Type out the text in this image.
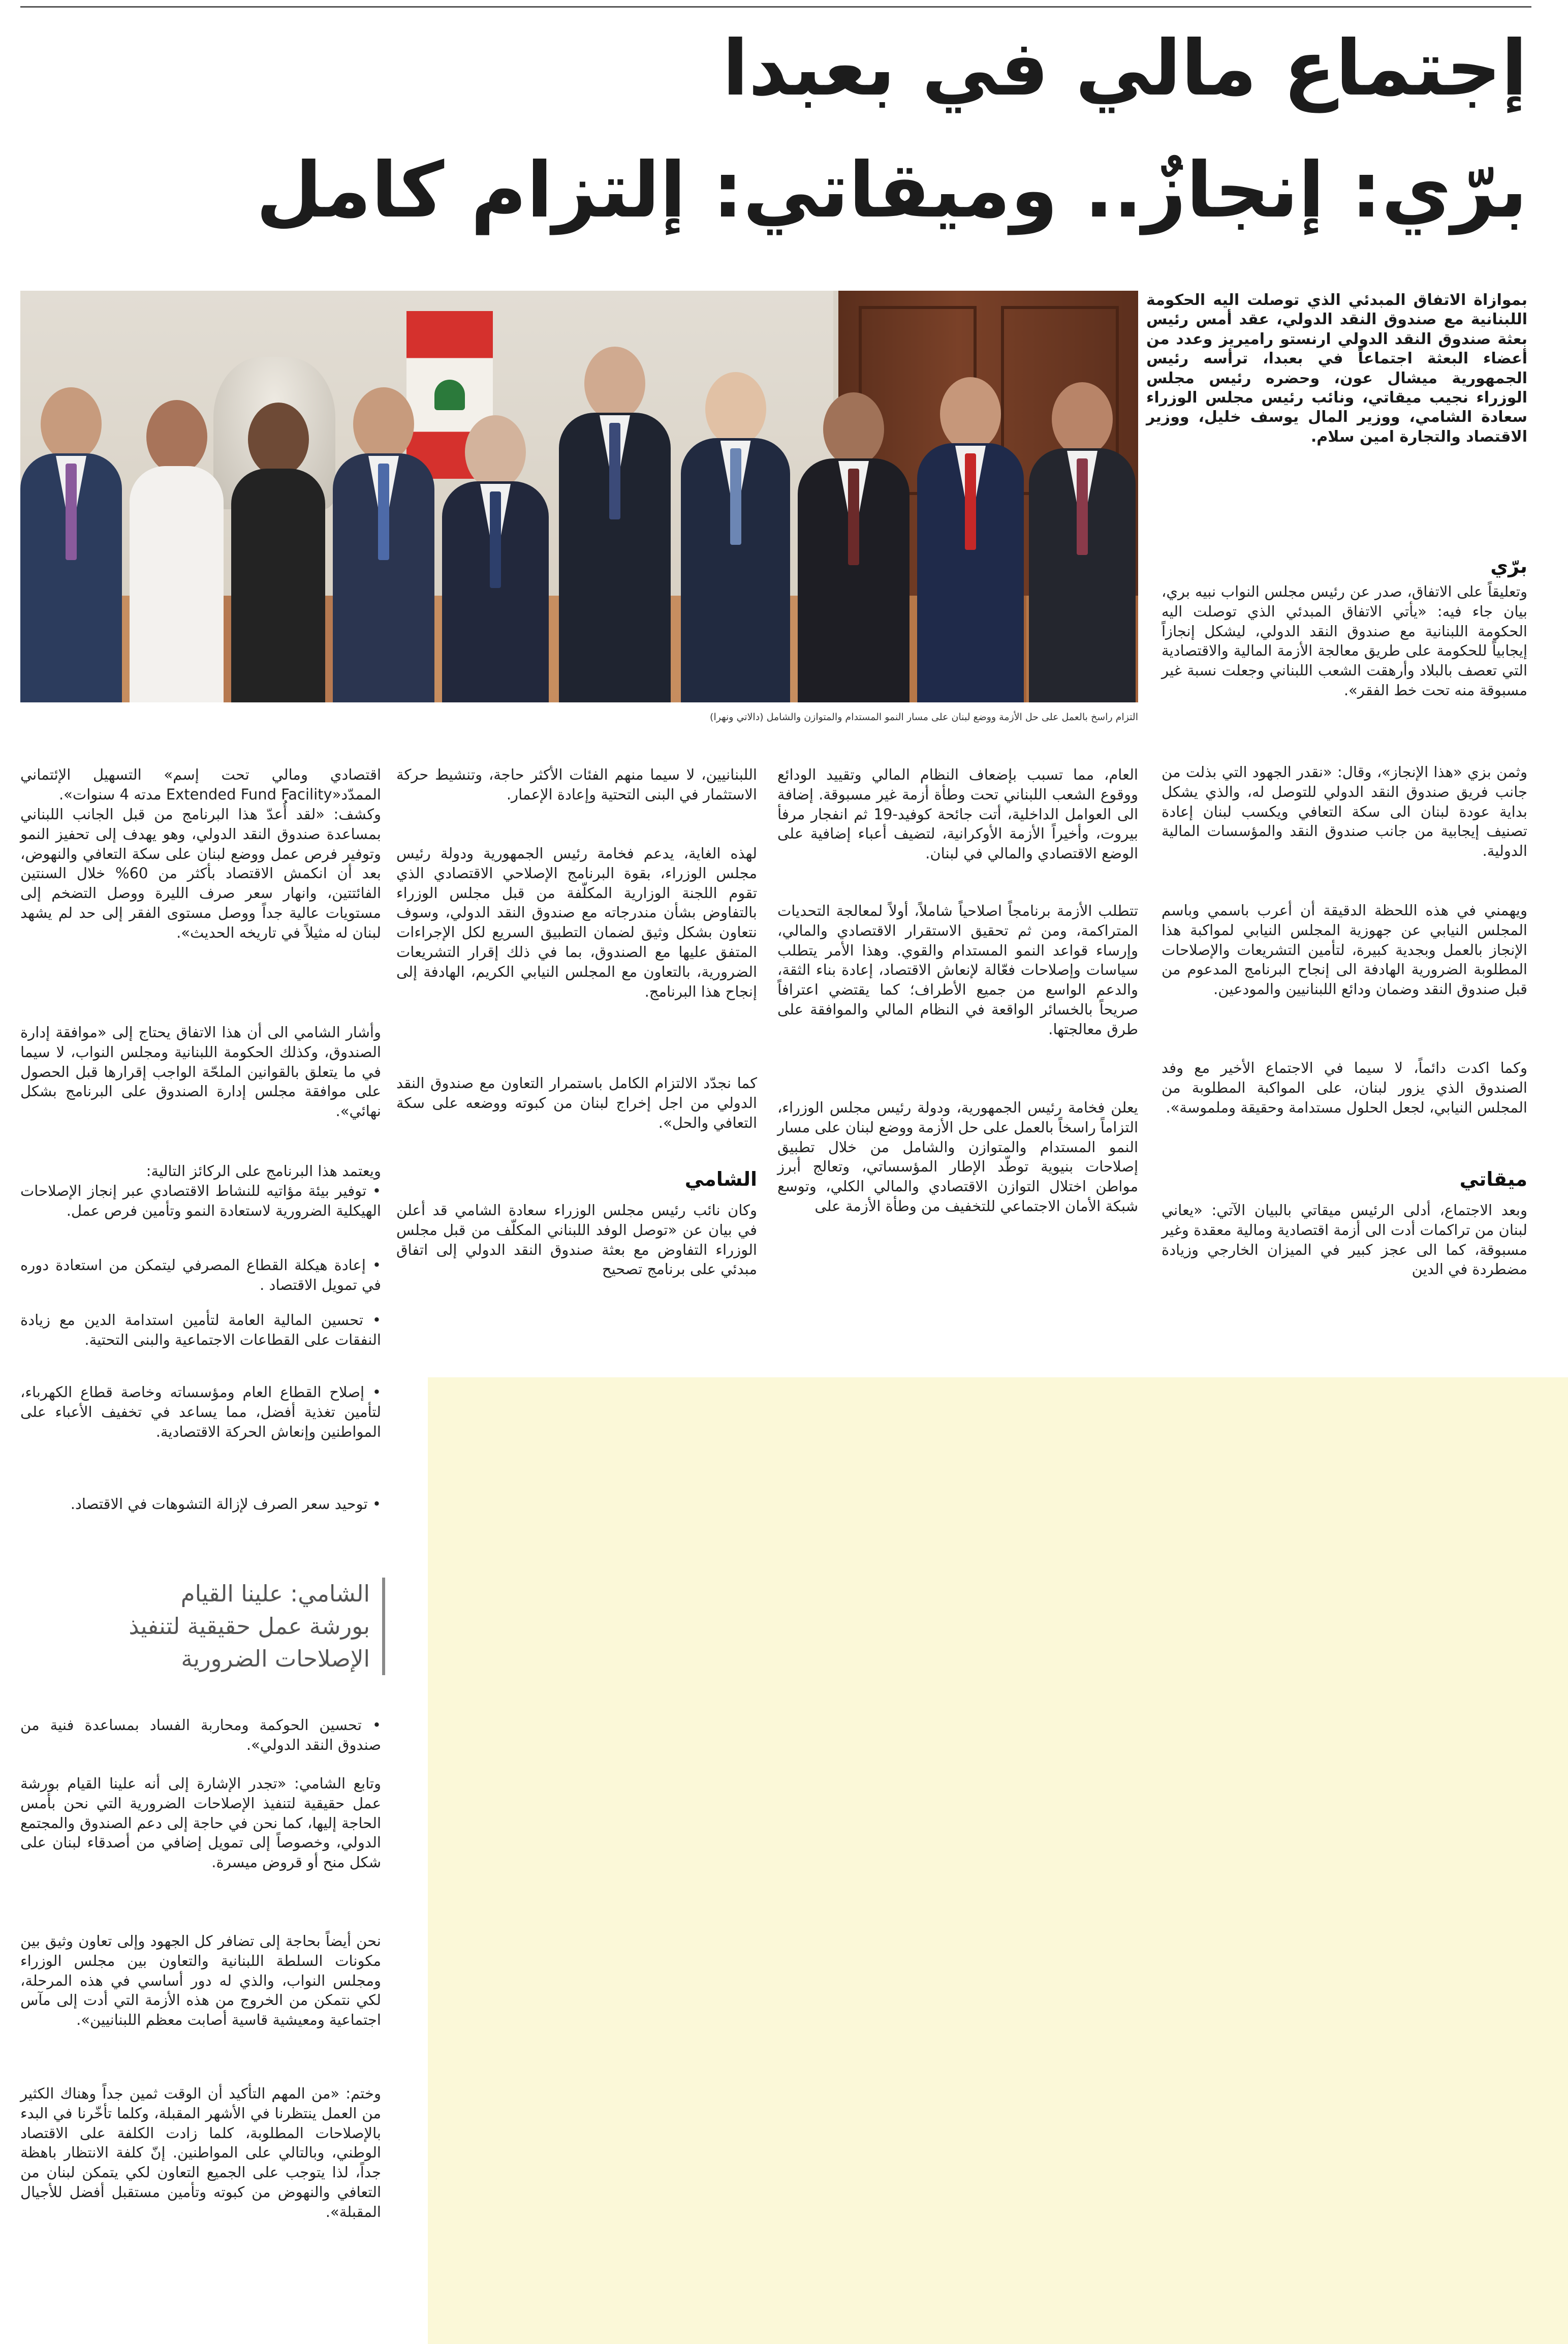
إجتماع مالي في بعبدا
برّي: إنجازٌ.. وميقاتي: إلتزام كامل

التزام راسخ بالعمل على حل الأزمة ووضع لبنان على مسار النمو المستدام والمتوازن والشامل (دالاتي ونهرا)

بموازاة الاتفاق المبدئي الذي توصلت اليه الحكومة اللبنانية مع صندوق النقد الدولي، عقد أمس رئيس بعثة صندوق النقد الدولي ارنستو راميريز وعدد من أعضاء البعثة اجتماعاً في بعبدا، ترأسه رئيس الجمهورية ميشال عون، وحضره رئيس مجلس الوزراء نجيب ميقاتي، ونائب رئيس مجلس الوزراء سعادة الشامي، ووزير المال يوسف خليل، ووزير الاقتصاد والتجارة امين سلام.

برّي

وتعليقاً على الاتفاق، صدر عن رئيس مجلس النواب نبيه بري، بيان جاء فيه: «يأتي الاتفاق المبدئي الذي توصلت اليه الحكومة اللبنانية مع صندوق النقد الدولي، ليشكل إنجازاً إيجابياً للحكومة على طريق معالجة الأزمة المالية والاقتصادية التي تعصف بالبلاد وأرهقت الشعب اللبناني وجعلت نسبة غير مسبوقة منه تحت خط الفقر».

وثمن بزي «هذا الإنجاز»، وقال: «نقدر الجهود التي بذلت من جانب فريق صندوق النقد الدولي للتوصل له، والذي يشكل بداية عودة لبنان الى سكة التعافي ويكسب لبنان إعادة تصنيف إيجابية من جانب صندوق النقد والمؤسسات المالية الدولية.

ويهمني في هذه اللحظة الدقيقة أن أعرب باسمي وباسم المجلس النيابي عن جهوزية المجلس النيابي لمواكبة هذا الإنجاز بالعمل وبجدية كبيرة، لتأمين التشريعات والإصلاحات المطلوبة الضرورية الهادفة الى إنجاح البرنامج المدعوم من قبل صندوق النقد وضمان ودائع اللبنانيين والمودعين.

وكما اكدت دائماً، لا سيما في الاجتماع الأخير مع وفد الصندوق الذي يزور لبنان، على المواكبة المطلوبة من المجلس النيابي، لجعل الحلول مستدامة وحقيقة وملموسة».

ميقاتي

وبعد الاجتماع، أدلى الرئيس ميقاتي بالبيان الآتي: «يعاني لبنان من تراكمات أدت الى أزمة اقتصادية ومالية معقدة وغير مسبوقة، كما الى عجز كبير في الميزان الخارجي وزيادة مضطردة في الدين

العام، مما تسبب بإضعاف النظام المالي وتقييد الودائع ووقوع الشعب اللبناني تحت وطأة أزمة غير مسبوقة. إضافة الى العوامل الداخلية، أتت جائحة كوفيد-19 ثم انفجار مرفأ بيروت، وأخيراً الأزمة الأوكرانية، لتضيف أعباء إضافية على الوضع الاقتصادي والمالي في لبنان.

تتطلب الأزمة برنامجاً اصلاحياً شاملاً، أولاً لمعالجة التحديات المتراكمة، ومن ثم تحقيق الاستقرار الاقتصادي والمالي، وإرساء قواعد النمو المستدام والقوي. وهذا الأمر يتطلب سياسات وإصلاحات فعّالة لإنعاش الاقتصاد، إعادة بناء الثقة، والدعم الواسع من جميع الأطراف؛ كما يقتضي اعترافاً صريحاً بالخسائر الواقعة في النظام المالي والموافقة على طرق معالجتها.

يعلن فخامة رئيس الجمهورية، ودولة رئيس مجلس الوزراء، التزاماً راسخاً بالعمل على حل الأزمة ووضع لبنان على مسار النمو المستدام والمتوازن والشامل من خلال تطبيق إصلاحات بنيوية توطّد الإطار المؤسساتي، وتعالج أبرز مواطن اختلال التوازن الاقتصادي والمالي الكلي، وتوسع شبكة الأمان الاجتماعي للتخفيف من وطأة الأزمة على

اللبنانيين، لا سيما منهم الفئات الأكثر حاجة، وتنشيط حركة الاستثمار في البنى التحتية وإعادة الإعمار.

لهذه الغاية، يدعم فخامة رئيس الجمهورية ودولة رئيس مجلس الوزراء، بقوة البرنامج الإصلاحي الاقتصادي الذي تقوم اللجنة الوزارية المكلّفة من قبل مجلس الوزراء بالتفاوض بشأن مندرجاته مع صندوق النقد الدولي، وسوف نتعاون بشكل وثيق لضمان التطبيق السريع لكل الإجراءات المتفق عليها مع الصندوق، بما في ذلك إقرار التشريعات الضرورية، بالتعاون مع المجلس النيابي الكريم، الهادفة إلى إنجاح هذا البرنامج.

كما نجدّد الالتزام الكامل باستمرار التعاون مع صندوق النقد الدولي من اجل إخراج لبنان من كبوته ووضعه على سكة التعافي والحل».

الشامي

وكان نائب رئيس مجلس الوزراء سعادة الشامي قد أعلن في بيان عن «توصل الوفد اللبناني المكلّف من قبل مجلس الوزراء التفاوض مع بعثة صندوق النقد الدولي إلى اتفاق مبدئي على برنامج تصحيح

اقتصادي ومالي تحت إسم» التسهيل الإئتماني الممدّد«Extended Fund Facility مدته 4 سنوات».

وكشف: «لقد أُعدّ هذا البرنامج من قبل الجانب اللبناني بمساعدة صندوق النقد الدولي، وهو يهدف إلى تحفيز النمو وتوفير فرص عمل ووضع لبنان على سكة التعافي والنهوض، بعد أن انكمش الاقتصاد بأكثر من 60% خلال السنتين الفائتتين، وانهار سعر صرف الليرة ووصل التضخم إلى مستويات عالية جداً ووصل مستوى الفقر إلى حد لم يشهد لبنان له مثيلاً في تاريخه الحديث».

وأشار الشامي الى أن هذا الاتفاق يحتاج إلى «موافقة إدارة الصندوق، وكذلك الحكومة اللبنانية ومجلس النواب، لا سيما في ما يتعلق بالقوانين الملحّة الواجب إقرارها قبل الحصول على موافقة مجلس إدارة الصندوق على البرنامج بشكل نهائي».

ويعتمد هذا البرنامج على الركائز التالية:

• توفير بيئة مؤاتيه للنشاط الاقتصادي عبر إنجاز الإصلاحات الهيكلية الضرورية لاستعادة النمو وتأمين فرص عمل.

• إعادة هيكلة القطاع المصرفي ليتمكن من استعادة دوره في تمويل الاقتصاد .

• تحسين المالية العامة لتأمين استدامة الدين مع زيادة النفقات على القطاعات الاجتماعية والبنى التحتية.

• إصلاح القطاع العام ومؤسساته وخاصة قطاع الكهرباء، لتأمين تغذية أفضل، مما يساعد في تخفيف الأعباء على المواطنين وإنعاش الحركة الاقتصادية.

• توحيد سعر الصرف لإزالة التشوهات في الاقتصاد.

الشامي: علينا القيام

بورشة عمل حقيقية لتنفيذ

الإصلاحات الضرورية

• تحسين الحوكمة ومحاربة الفساد بمساعدة فنية من صندوق النقد الدولي».

وتابع الشامي: «تجدر الإشارة إلى أنه علينا القيام بورشة عمل حقيقية لتنفيذ الإصلاحات الضرورية التي نحن بأمس الحاجة إليها، كما نحن في حاجة إلى دعم الصندوق والمجتمع الدولي، وخصوصاً إلى تمويل إضافي من أصدقاء لبنان على شكل منح أو قروض ميسرة.

نحن أيضاً بحاجة إلى تضافر كل الجهود وإلى تعاون وثيق بين مكونات السلطة اللبنانية والتعاون بين مجلس الوزراء ومجلس النواب، والذي له دور أساسي في هذه المرحلة، لكي نتمكن من الخروج من هذه الأزمة التي أدت إلى مآس اجتماعية ومعيشية قاسية أصابت معظم اللبنانيين».

وختم: «من المهم التأكيد أن الوقت ثمين جداً وهناك الكثير من العمل ينتظرنا في الأشهر المقبلة، وكلما تأخّرنا في البدء بالإصلاحات المطلوبة، كلما زادت الكلفة على الاقتصاد الوطني، وبالتالي على المواطنين. إنّ كلفة الانتظار باهظة جداً، لذا يتوجب على الجميع التعاون لكي يتمكن لبنان من التعافي والنهوض من كبوته وتأمين مستقبل أفضل للأجيال المقبلة».
